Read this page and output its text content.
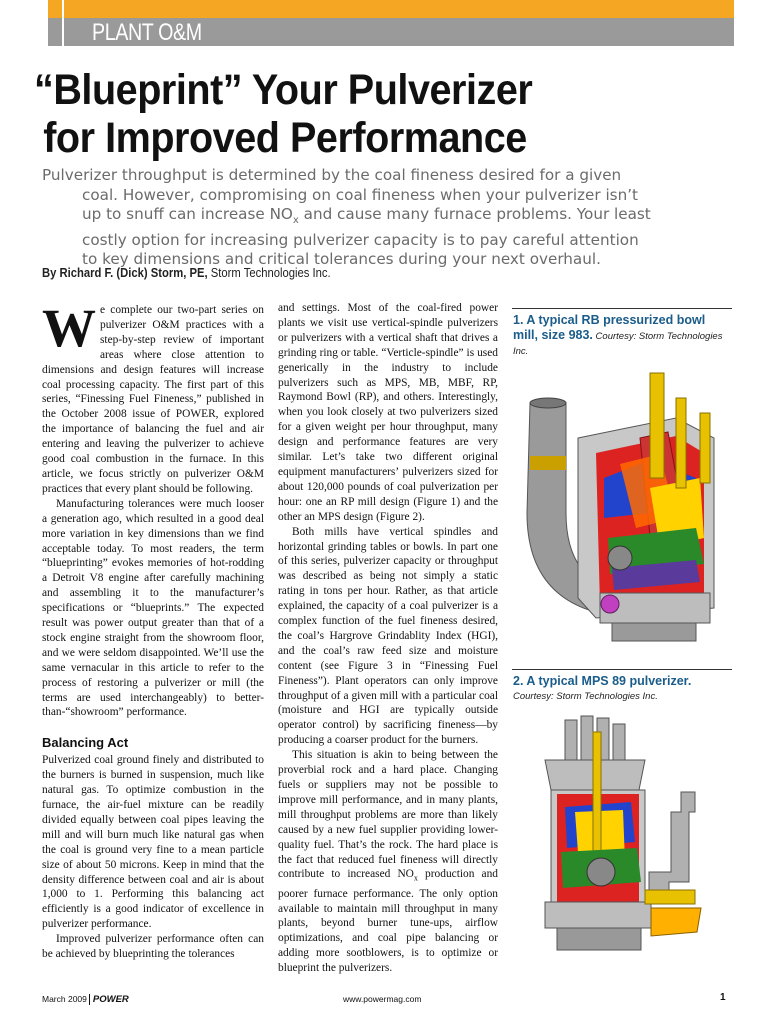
PLANT O&M
“Blueprint” Your Pulverizer
for Improved Performance
Pulverizer throughput is determined by the coal fineness desired for a given
coal. However, compromising on coal fineness when your pulverizer isn’t
up to snuff can increase $NO_x$ and cause many furnace problems. Your least
costly option for increasing pulverizer capacity is to pay careful attention
to key dimensions and critical tolerances during your next overhaul.
By Richard F. (Dick) Storm, PE, Storm Technologies Inc.

We complete our two-part series on pulverizer O&M practices with a step-by-step review of important areas where close attention to dimensions and design features will increase coal processing capacity. The first part of this series, “Finessing Fuel Fineness,” published in the October 2008 issue of POWER, explored the importance of balancing the fuel and air entering and leaving the pulverizer to achieve good coal combustion in the furnace. In this article, we focus strictly on pulverizer O&M practices that every plant should be following.

Manufacturing tolerances were much looser a generation ago, which resulted in a good deal more variation in key dimensions than we find acceptable today. To most readers, the term “blueprinting” evokes memories of hot-rodding a Detroit V8 engine after carefully machining and assembling it to the manufacturer’s specifications or “blueprints.” The expected result was power output greater than that of a stock engine straight from the showroom floor, and we were seldom disappointed. We’ll use the same vernacular in this article to refer to the process of restoring a pulverizer or mill (the terms are used interchangeably) to better-than-“showroom” performance.

Balancing Act

Pulverized coal ground finely and distributed to the burners is burned in suspension, much like natural gas. To optimize combustion in the furnace, the air-fuel mixture can be readily divided equally between coal pipes leaving the mill and will burn much like natural gas when the coal is ground very fine to a mean particle size of about 50 microns. Keep in mind that the density difference between coal and air is about 1,000 to 1. Performing this balancing act efficiently is a good indicator of excellence in pulverizer performance.

Improved pulverizer performance often can be achieved by blueprinting the tolerances

and settings. Most of the coal-fired power plants we visit use vertical-spindle pulverizers or pulverizers with a vertical shaft that drives a grinding ring or table. “Verticle-spindle” is used generically in the industry to include pulverizers such as MPS, MB, MBF, RP, Raymond Bowl (RP), and others. Interestingly, when you look closely at two pulverizers sized for a given weight per hour throughput, many design and performance features are very similar. Let’s take two different original equipment manufacturers’ pulverizers sized for about 120,000 pounds of coal pulverization per hour: one an RP mill design (Figure 1) and the other an MPS design (Figure 2).

Both mills have vertical spindles and horizontal grinding tables or bowls. In part one of this series, pulverizer capacity or throughput was described as being not simply a static rating in tons per hour. Rather, as that article explained, the capacity of a coal pulverizer is a complex function of the fuel fineness desired, the coal’s Hargrove Grindablity Index (HGI), and the coal’s raw feed size and moisture content (see Figure 3 in “Finessing Fuel Fineness”). Plant operators can only improve throughput of a given mill with a particular coal (moisture and HGI are typically outside operator control) by sacrificing fineness—by producing a coarser product for the burners.

This situation is akin to being between the proverbial rock and a hard place. Changing fuels or suppliers may not be possible to improve mill performance, and in many plants, mill throughput problems are more than likely caused by a new fuel supplier providing lower-quality fuel. That’s the rock. The hard place is the fact that reduced fuel fineness will directly contribute to increased $NO_x$ production and poorer furnace performance. The only option available to maintain mill throughput in many plants, beyond burner tune-ups, airflow optimizations, and coal pipe balancing or adding more sootblowers, is to optimize or blueprint the pulverizers.

1. A typical RB pressurized bowl mill, size 983. Courtesy: Storm Technologies Inc.
2. A typical MPS 89 pulverizer.
Courtesy: Storm Technologies Inc.
March 2009 POWER	www.powermag.com	1
